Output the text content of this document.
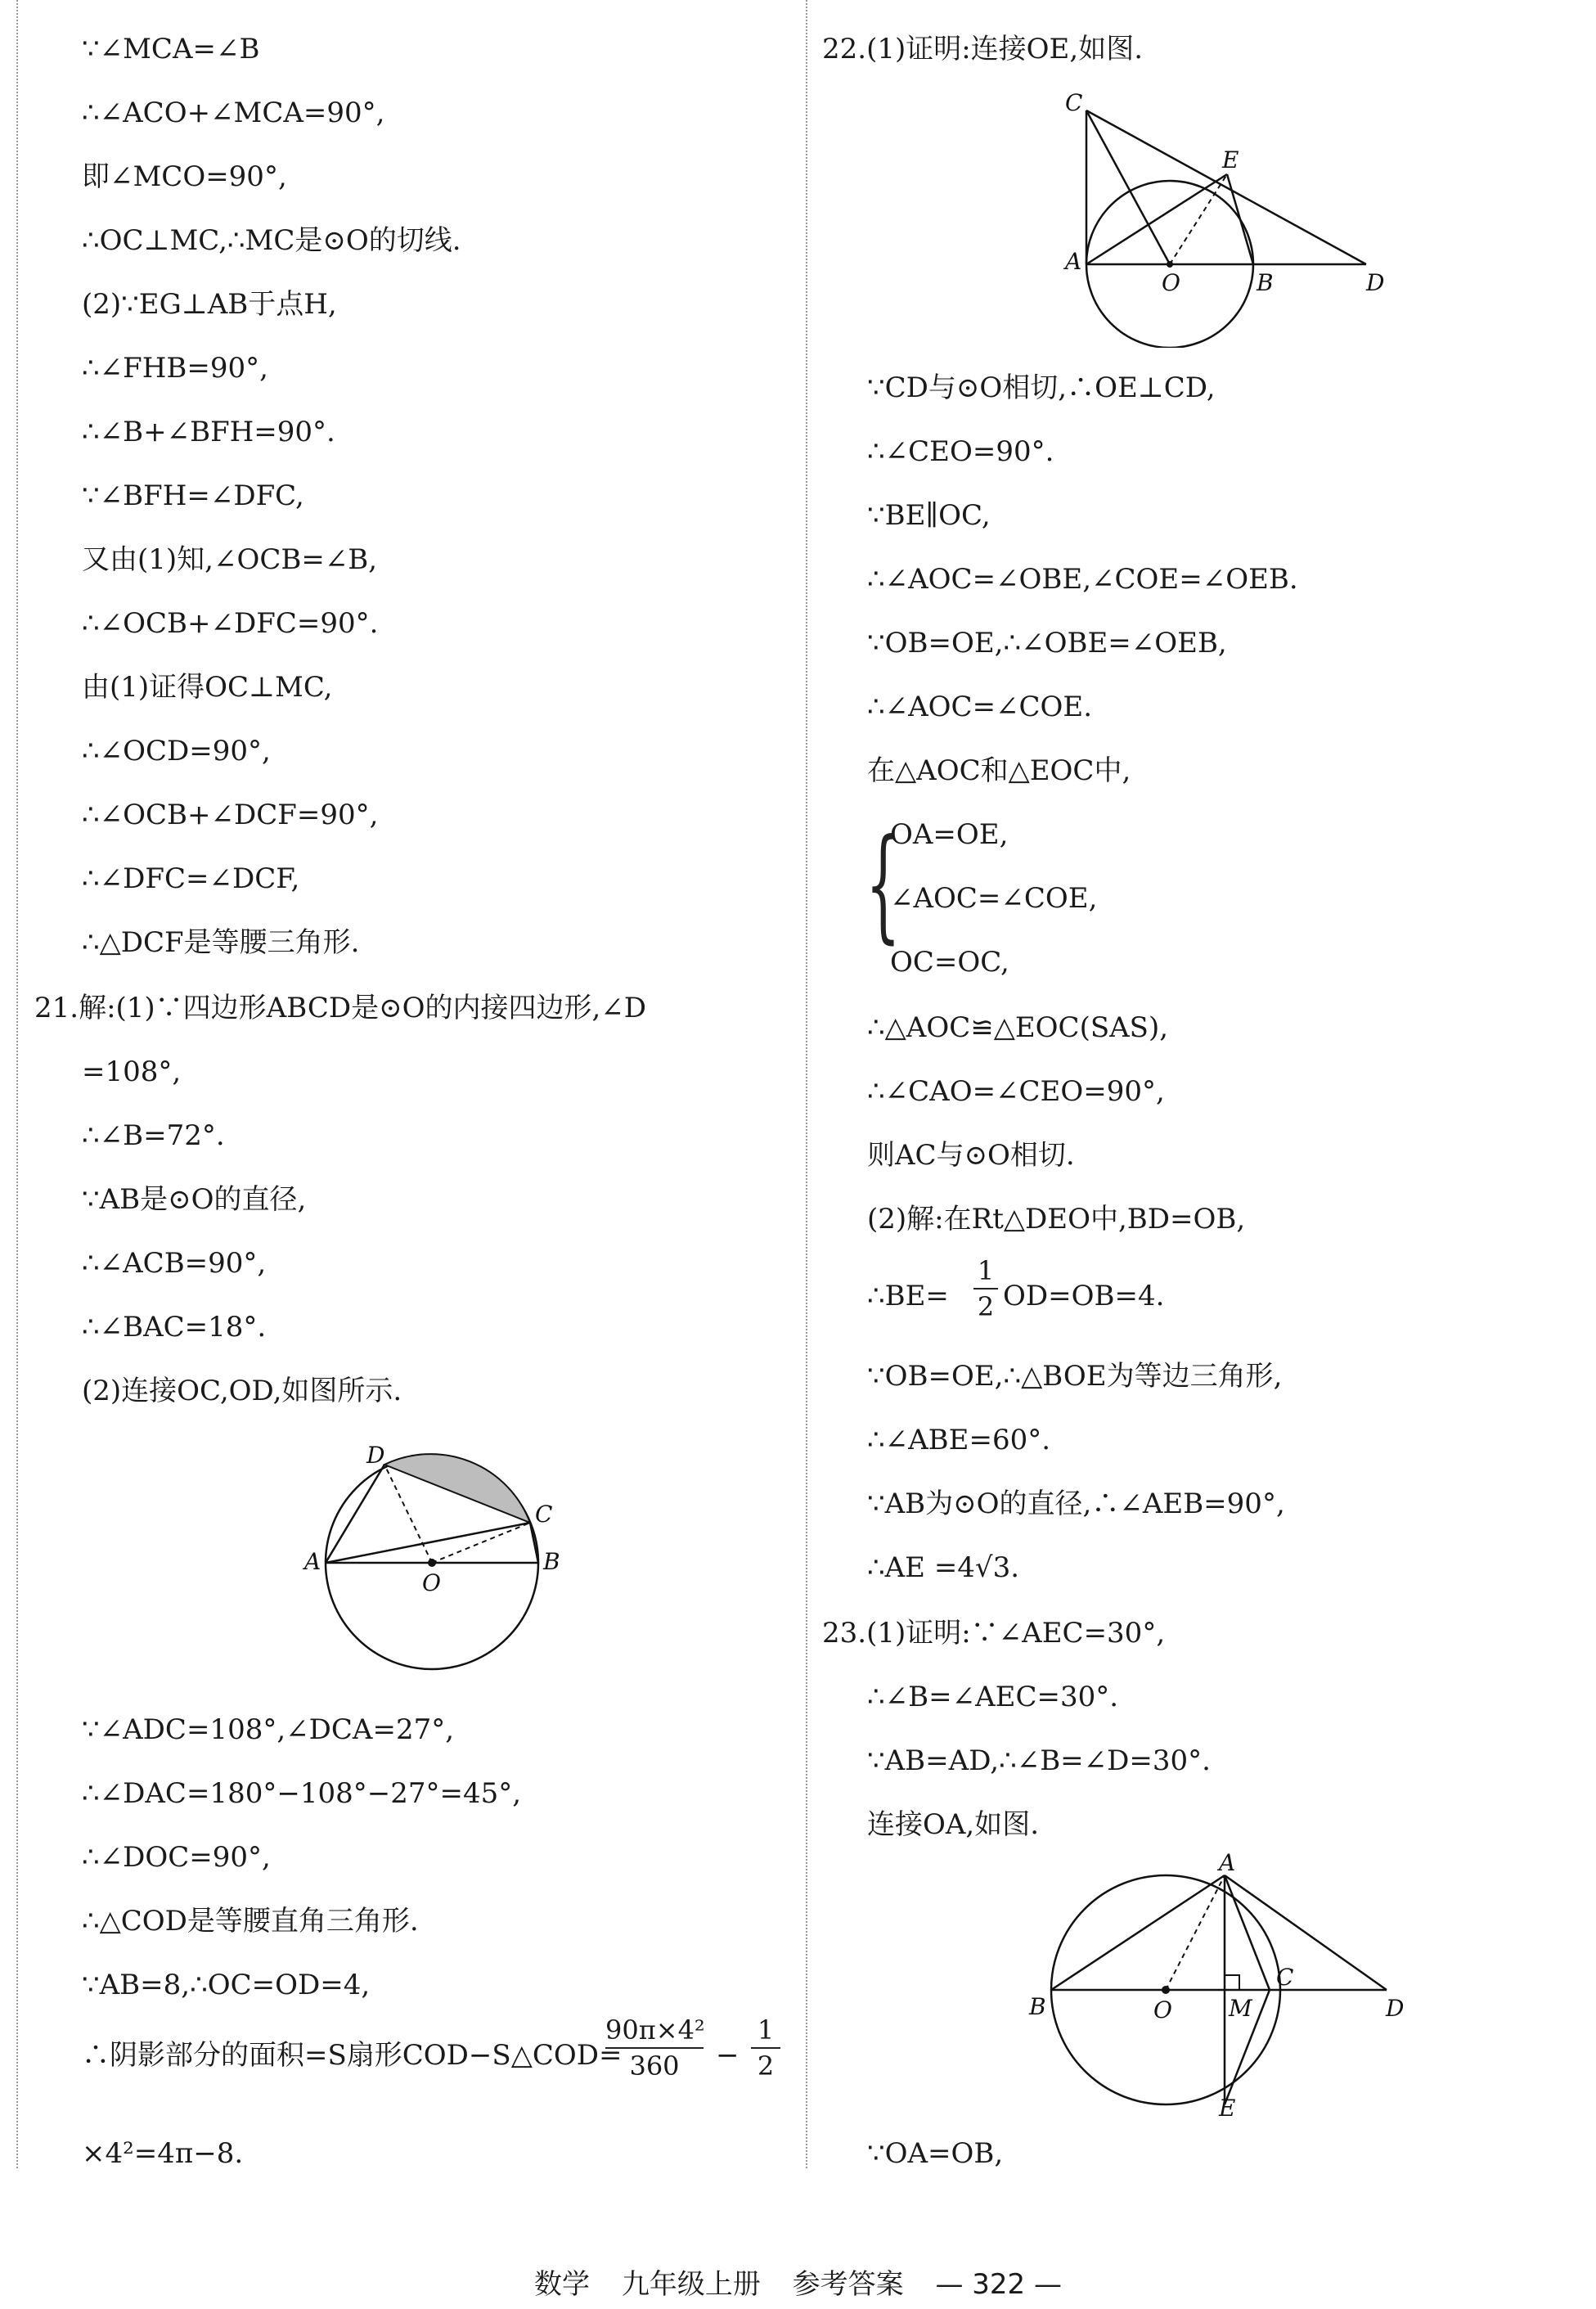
∵∠MCA=∠B
∴∠ACO+∠MCA=90°,
即∠MCO=90°,
∴OC⊥MC,∴MC是⊙O的切线.
(2)∵EG⊥AB于点H,
∴∠FHB=90°,
∴∠B+∠BFH=90°.
∵∠BFH=∠DFC,
又由(1)知,∠OCB=∠B,
∴∠OCB+∠DFC=90°.
由(1)证得OC⊥MC,
∴∠OCD=90°,
∴∠OCB+∠DCF=90°,
∴∠DFC=∠DCF,
∴△DCF是等腰三角形.
21.解:(1)∵四边形ABCD是⊙O的内接四边形,∠D
=108°,
∴∠B=72°.
∵AB是⊙O的直径,
∴∠ACB=90°,
∴∠BAC=18°.
(2)连接OC,OD,如图所示.
D
C
A
O
B
∵∠ADC=108°,∠DCA=27°,
∴∠DAC=180°−108°−27°=45°,
∴∠DOC=90°,
∴△COD是等腰直角三角形.
∵AB=8,∴OC=OD=4,
∴阴影部分的面积=S扇形COD−S△COD=
90π×4²
360	−
1
2
×4²=4π−8.
22.(1)证明:连接OE,如图.
C
E
A
O	B	D
∵CD与⊙O相切,∴OE⊥CD,
∴∠CEO=90°.
∵BE∥OC,
∴∠AOC=∠OBE,∠COE=∠OEB.
∵OB=OE,∴∠OBE=∠OEB,
∴∠AOC=∠COE.
在△AOC和△EOC中,
{
OA=OE,
∠AOC=∠COE,
OC=OC,
∴△AOC≌△EOC(SAS),
∴∠CAO=∠CEO=90°,
则AC与⊙O相切.
(2)解:在Rt△DEO中,BD=OB,
∴BE=
1
2 OD=OB=4.
∵OB=OE,∴△BOE为等边三角形,
∴∠ABE=60°.
∵AB为⊙O的直径,∴∠AEB=90°,
∴AE =4√3.
23.(1)证明:∵∠AEC=30°,
∴∠B=∠AEC=30°.
∵AB=AD,∴∠B=∠D=30°.
连接OA,如图.
A
B	O M
C
D
E
∵OA=OB,
数学 九年级上册 参考答案 — 322 —
